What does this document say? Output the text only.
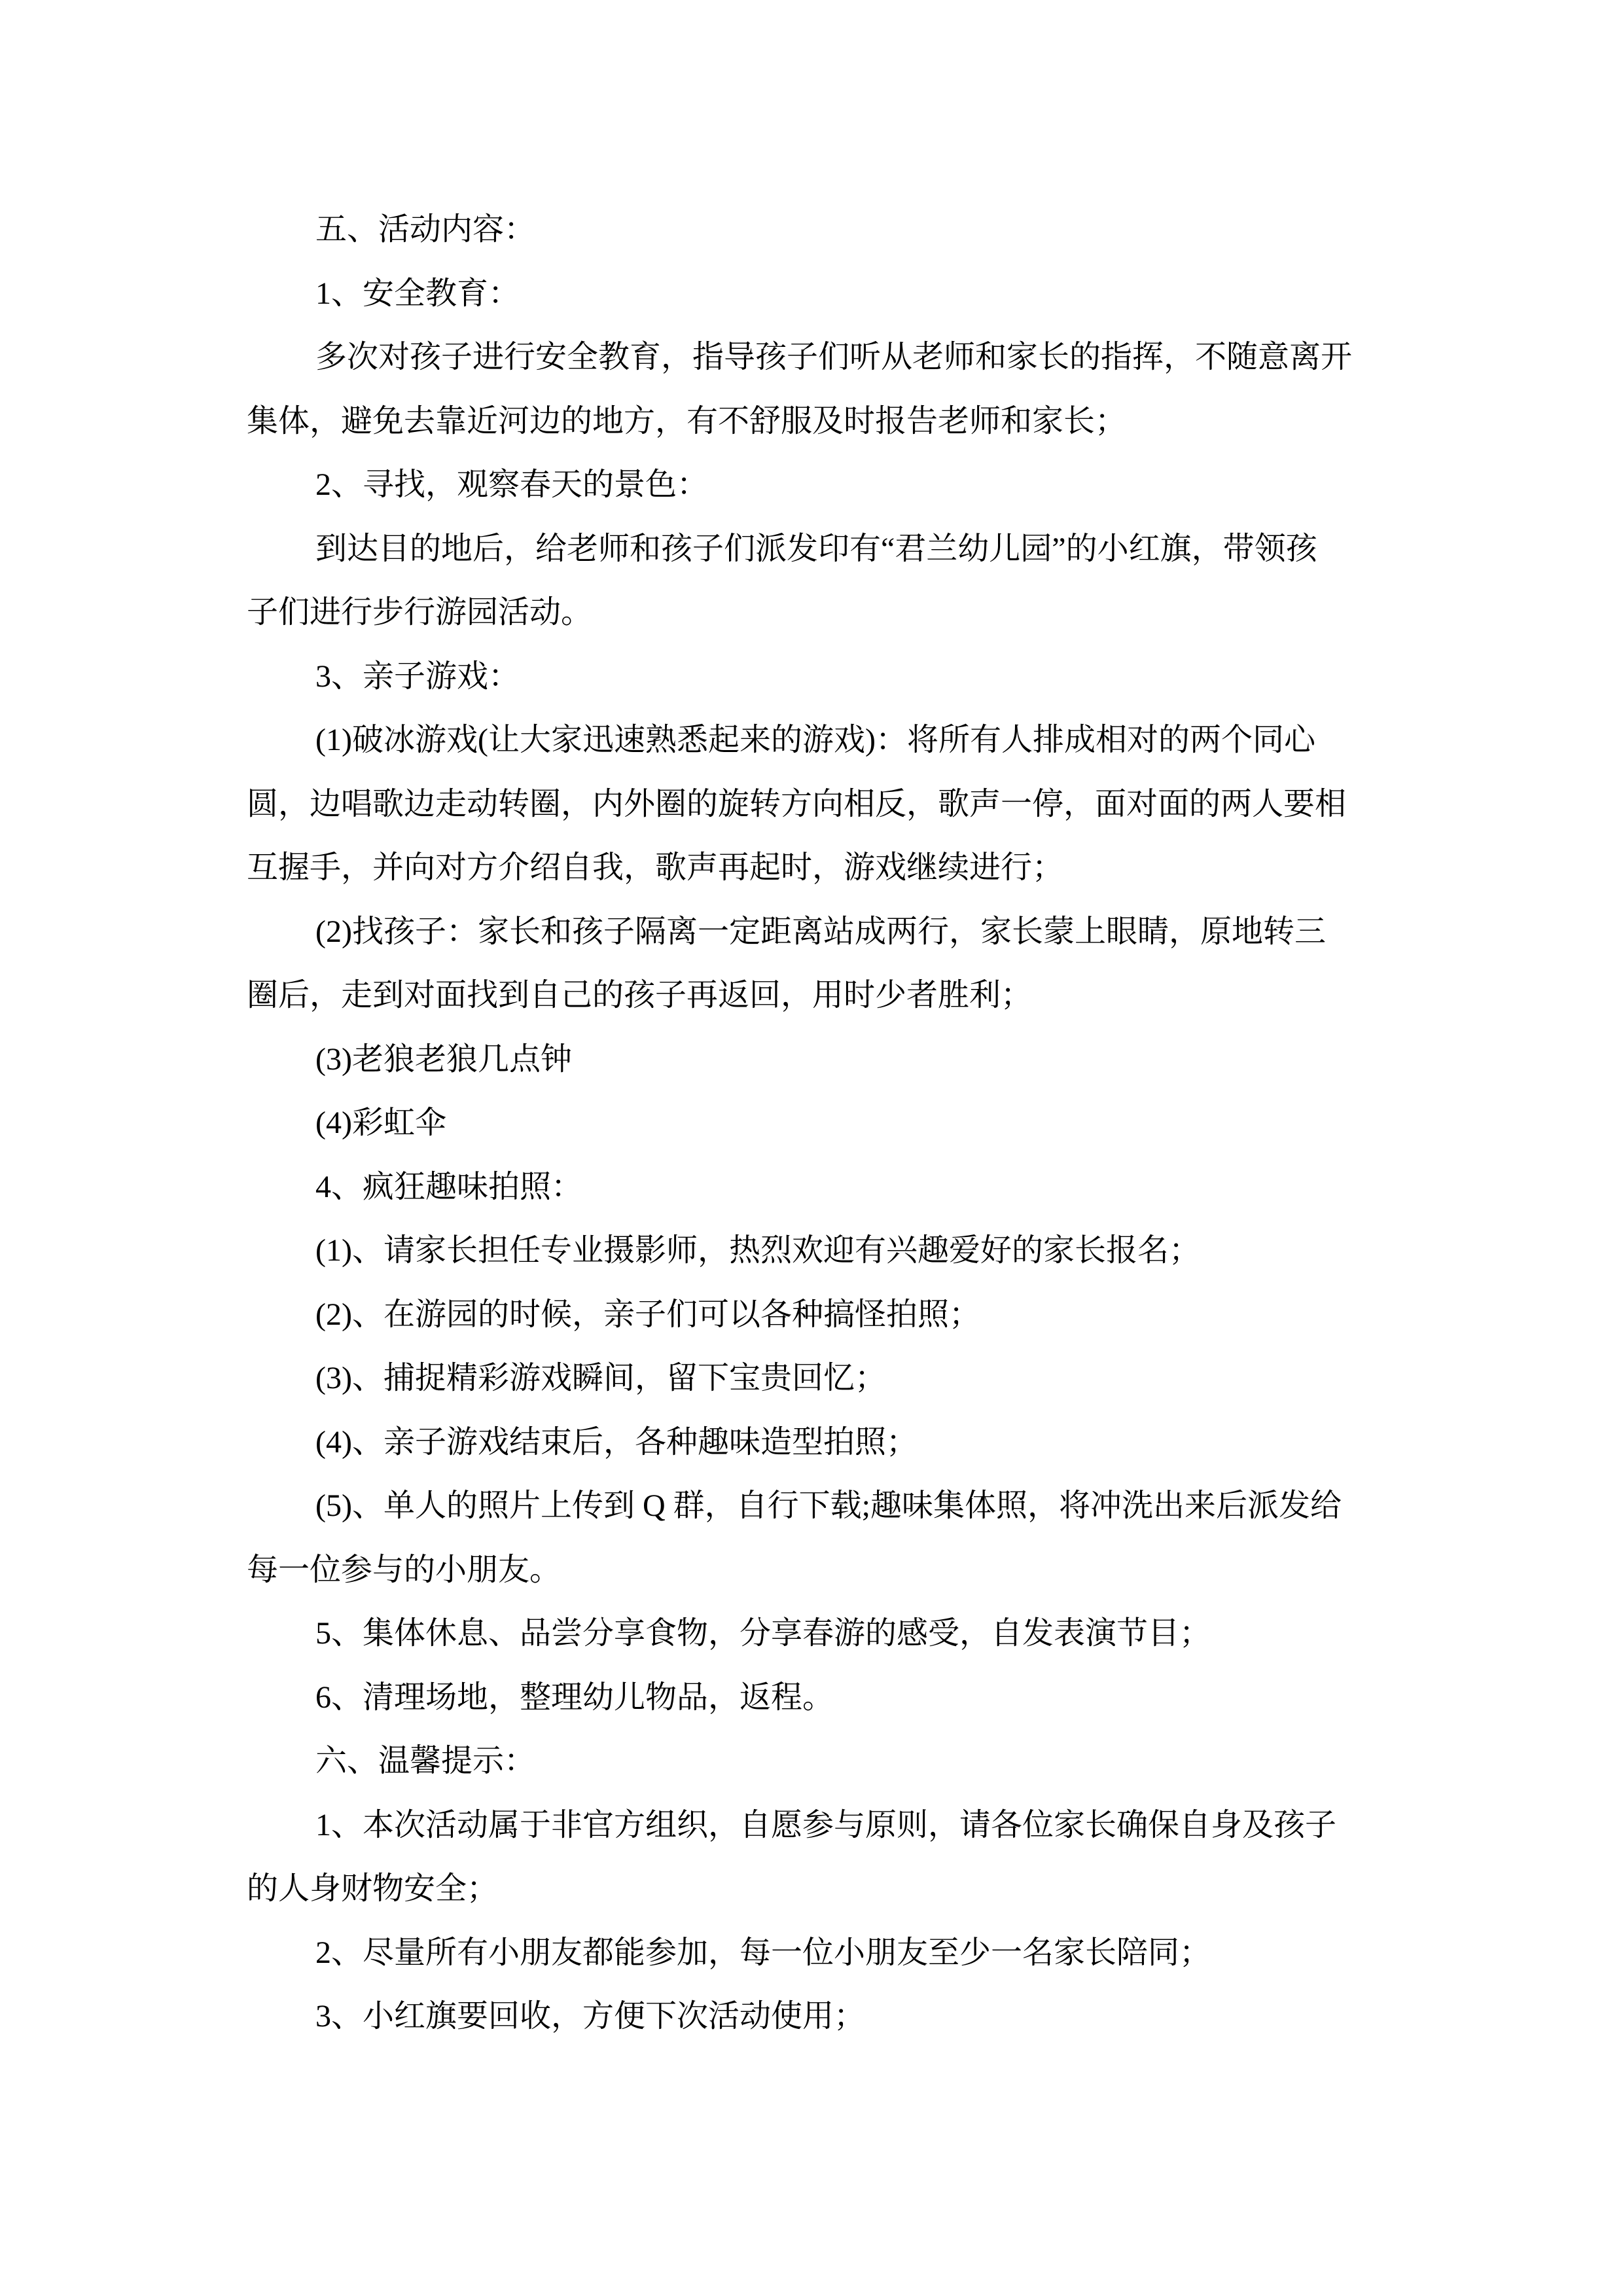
五、活动内容：
1、安全教育：
多次对孩子进行安全教育，指导孩子们听从老师和家长的指挥，不随意离开
集体，避免去靠近河边的地方，有不舒服及时报告老师和家长；
2、寻找，观察春天的景色：
到达目的地后，给老师和孩子们派发印有“君兰幼儿园”的小红旗，带领孩
子们进行步行游园活动。
3、亲子游戏：
(1)破冰游戏(让大家迅速熟悉起来的游戏)：将所有人排成相对的两个同心
圆，边唱歌边走动转圈，内外圈的旋转方向相反，歌声一停，面对面的两人要相
互握手，并向对方介绍自我，歌声再起时，游戏继续进行；
(2)找孩子：家长和孩子隔离一定距离站成两行，家长蒙上眼睛，原地转三
圈后，走到对面找到自己的孩子再返回，用时少者胜利；
(3)老狼老狼几点钟
(4)彩虹伞
4、疯狂趣味拍照：
(1)、请家长担任专业摄影师，热烈欢迎有兴趣爱好的家长报名；
(2)、在游园的时候，亲子们可以各种搞怪拍照；
(3)、捕捉精彩游戏瞬间，留下宝贵回忆；
(4)、亲子游戏结束后，各种趣味造型拍照；
(5)、单人的照片上传到 Q 群，自行下载;趣味集体照，将冲洗出来后派发给
每一位参与的小朋友。
5、集体休息、品尝分享食物，分享春游的感受，自发表演节目；
6、清理场地，整理幼儿物品，返程。
六、温馨提示：
1、本次活动属于非官方组织，自愿参与原则，请各位家长确保自身及孩子
的人身财物安全；
2、尽量所有小朋友都能参加，每一位小朋友至少一名家长陪同；
3、小红旗要回收，方便下次活动使用；
